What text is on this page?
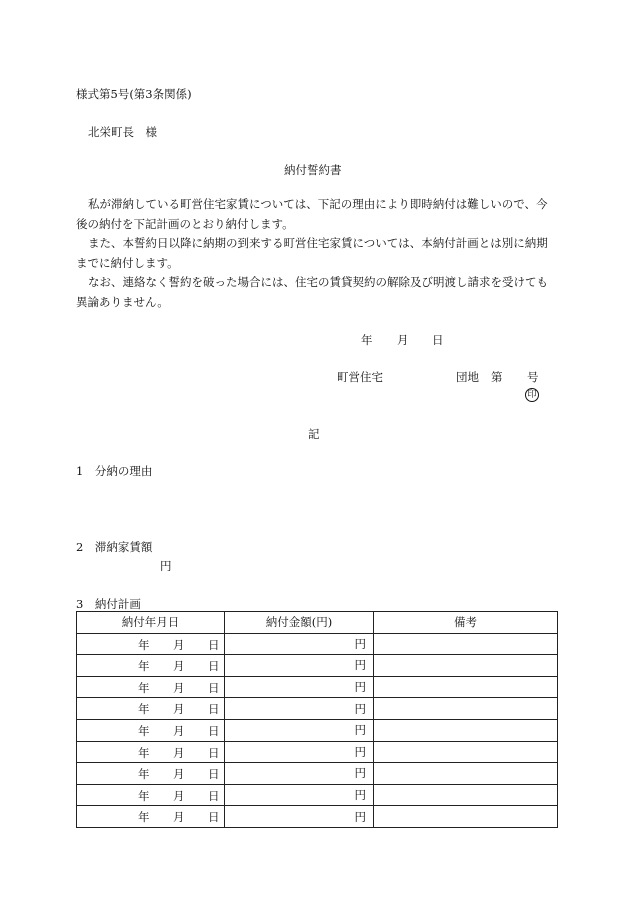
様式第5号(第3条関係)
北栄町長　様
納付誓約書
私が滞納している町営住宅家賃については、下記の理由により即時納付は難しいので、今後の納付を下記計画のとおり納付します。
また、本誓約日以降に納期の到来する町営住宅家賃については、本納付計画とは別に納期までに納付します。
なお、連絡なく誓約を破った場合には、住宅の賃貸契約の解除及び明渡し請求を受けても異論ありません。
年 月 日
町営住宅	団地 第 号
印
記
1　分納の理由
2　滞納家賃額
円
3　納付計画
納付年月日	納付金額(円)	備考

年 月 日	円	

年 月 日	円	

年 月 日	円	

年 月 日	円	

年 月 日	円	

年 月 日	円	

年 月 日	円	

年 月 日	円	

年 月 日	円	
